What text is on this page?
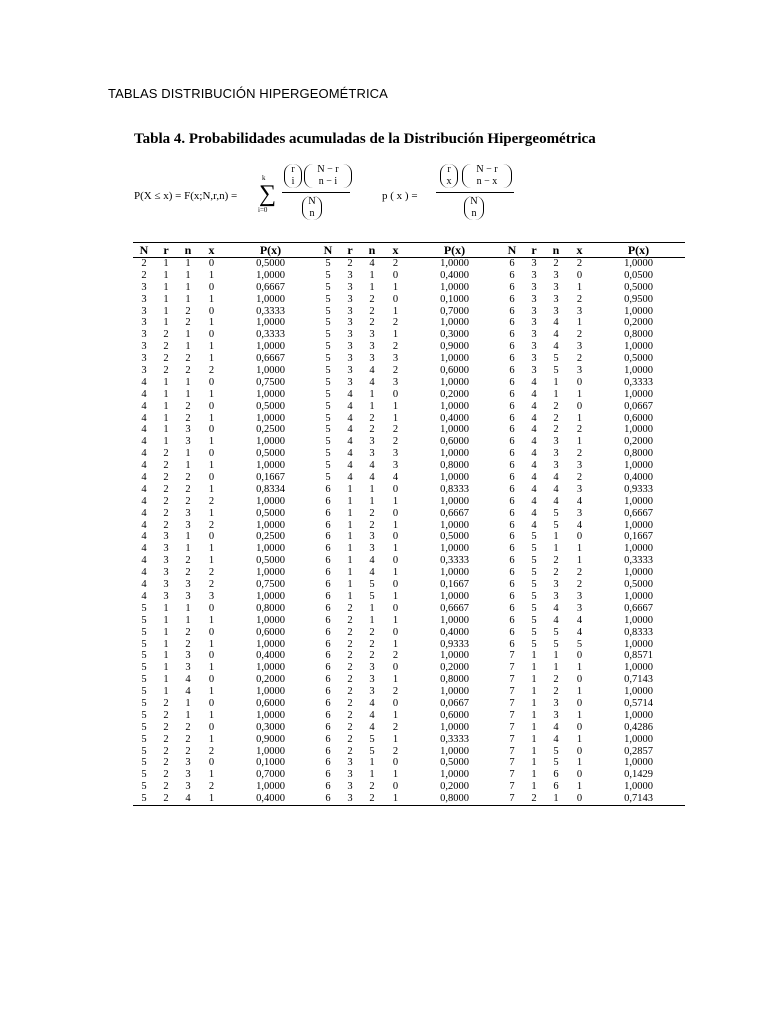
TABLAS DISTRIBUCIÓN HIPERGEOMÉTRICA
Tabla 4. Probabilidades acumuladas de la Distribución Hipergeométrica
P(X ≤ x) = F(x;N,r,n) =
k
∑
i=0
r
i
N − r
n − i
N
n
p ( x ) =
r
x
N − r
n − x
N
n
N	r	n	x	P(x)	N	r	n	x	P(x)	N	r	n	x	P(x)
2	1	1	0	0,5000	5	2	4	2	1,0000	6	3	2	2	1,0000
2	1	1	1	1,0000	5	3	1	0	0,4000	6	3	3	0	0,0500
3	1	1	0	0,6667	5	3	1	1	1,0000	6	3	3	1	0,5000
3	1	1	1	1,0000	5	3	2	0	0,1000	6	3	3	2	0,9500
3	1	2	0	0,3333	5	3	2	1	0,7000	6	3	3	3	1,0000
3	1	2	1	1,0000	5	3	2	2	1,0000	6	3	4	1	0,2000
3	2	1	0	0,3333	5	3	3	1	0,3000	6	3	4	2	0,8000
3	2	1	1	1,0000	5	3	3	2	0,9000	6	3	4	3	1,0000
3	2	2	1	0,6667	5	3	3	3	1,0000	6	3	5	2	0,5000
3	2	2	2	1,0000	5	3	4	2	0,6000	6	3	5	3	1,0000
4	1	1	0	0,7500	5	3	4	3	1,0000	6	4	1	0	0,3333
4	1	1	1	1,0000	5	4	1	0	0,2000	6	4	1	1	1,0000
4	1	2	0	0,5000	5	4	1	1	1,0000	6	4	2	0	0,0667
4	1	2	1	1,0000	5	4	2	1	0,4000	6	4	2	1	0,6000
4	1	3	0	0,2500	5	4	2	2	1,0000	6	4	2	2	1,0000
4	1	3	1	1,0000	5	4	3	2	0,6000	6	4	3	1	0,2000
4	2	1	0	0,5000	5	4	3	3	1,0000	6	4	3	2	0,8000
4	2	1	1	1,0000	5	4	4	3	0,8000	6	4	3	3	1,0000
4	2	2	0	0,1667	5	4	4	4	1,0000	6	4	4	2	0,4000
4	2	2	1	0,8334	6	1	1	0	0,8333	6	4	4	3	0,9333
4	2	2	2	1,0000	6	1	1	1	1,0000	6	4	4	4	1,0000
4	2	3	1	0,5000	6	1	2	0	0,6667	6	4	5	3	0,6667
4	2	3	2	1,0000	6	1	2	1	1,0000	6	4	5	4	1,0000
4	3	1	0	0,2500	6	1	3	0	0,5000	6	5	1	0	0,1667
4	3	1	1	1,0000	6	1	3	1	1,0000	6	5	1	1	1,0000
4	3	2	1	0,5000	6	1	4	0	0,3333	6	5	2	1	0,3333
4	3	2	2	1,0000	6	1	4	1	1,0000	6	5	2	2	1,0000
4	3	3	2	0,7500	6	1	5	0	0,1667	6	5	3	2	0,5000
4	3	3	3	1,0000	6	1	5	1	1,0000	6	5	3	3	1,0000
5	1	1	0	0,8000	6	2	1	0	0,6667	6	5	4	3	0,6667
5	1	1	1	1,0000	6	2	1	1	1,0000	6	5	4	4	1,0000
5	1	2	0	0,6000	6	2	2	0	0,4000	6	5	5	4	0,8333
5	1	2	1	1,0000	6	2	2	1	0,9333	6	5	5	5	1,0000
5	1	3	0	0,4000	6	2	2	2	1,0000	7	1	1	0	0,8571
5	1	3	1	1,0000	6	2	3	0	0,2000	7	1	1	1	1,0000
5	1	4	0	0,2000	6	2	3	1	0,8000	7	1	2	0	0,7143
5	1	4	1	1,0000	6	2	3	2	1,0000	7	1	2	1	1,0000
5	2	1	0	0,6000	6	2	4	0	0,0667	7	1	3	0	0,5714
5	2	1	1	1,0000	6	2	4	1	0,6000	7	1	3	1	1,0000
5	2	2	0	0,3000	6	2	4	2	1,0000	7	1	4	0	0,4286
5	2	2	1	0,9000	6	2	5	1	0,3333	7	1	4	1	1,0000
5	2	2	2	1,0000	6	2	5	2	1,0000	7	1	5	0	0,2857
5	2	3	0	0,1000	6	3	1	0	0,5000	7	1	5	1	1,0000
5	2	3	1	0,7000	6	3	1	1	1,0000	7	1	6	0	0,1429
5	2	3	2	1,0000	6	3	2	0	0,2000	7	1	6	1	1,0000
5	2	4	1	0,4000	6	3	2	1	0,8000	7	2	1	0	0,7143
